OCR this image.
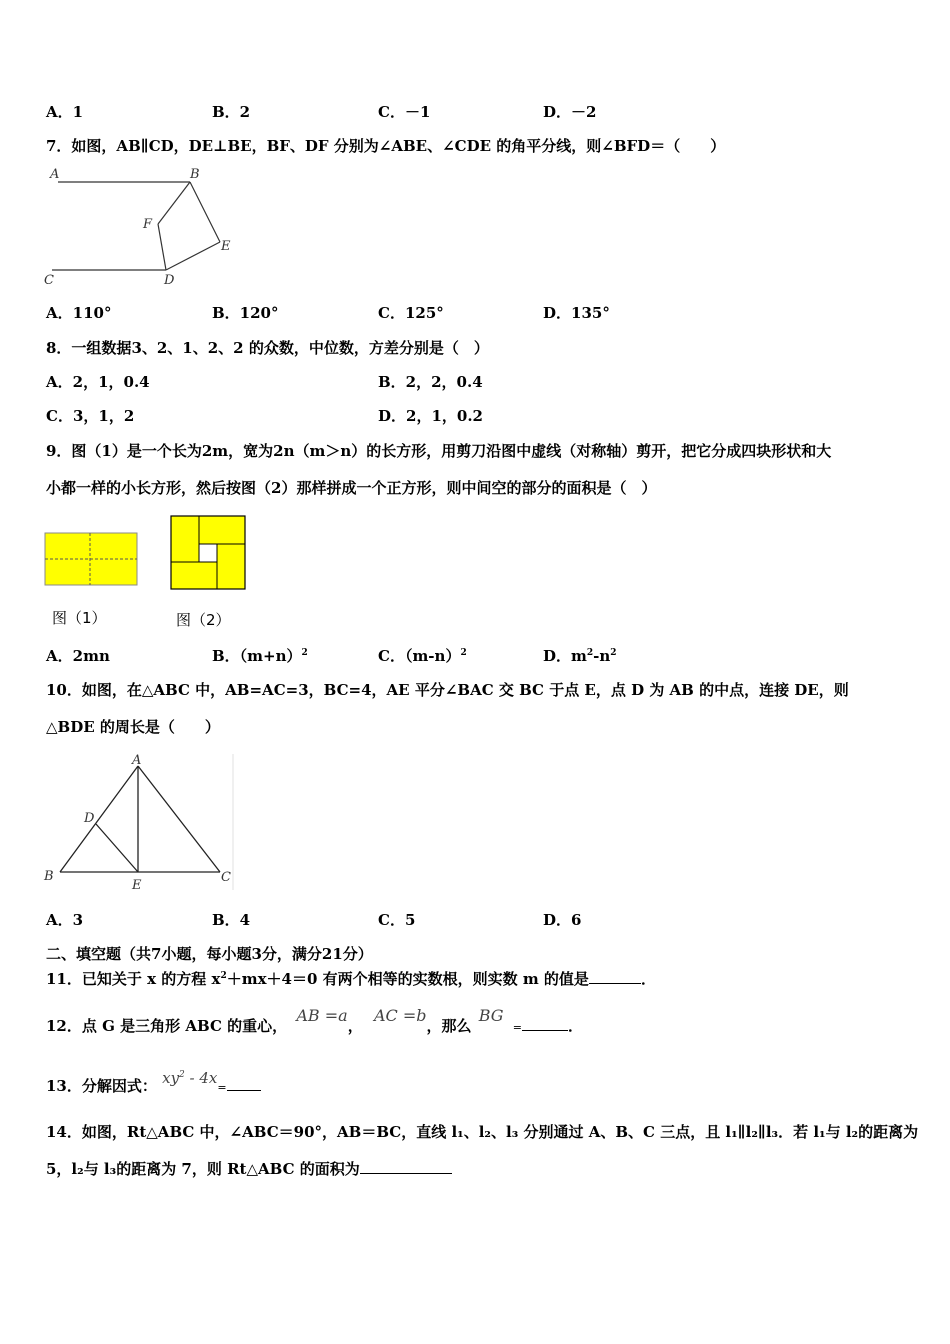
A．1	B．2	C．－1	D．－2
7．如图，AB∥CD，DE⊥BE，BF、DF 分别为∠ABE、∠CDE 的角平分线，则∠BFD＝（　　）
A	B
C	D
E
F
A．110°	B．120°	C．125°	D．135°
8．一组数据3、2、1、2、2 的众数，中位数，方差分别是（　）
A．2，1，0.4	B．2，2，0.4
C．3，1，2	D．2，1，0.2
9．图（1）是一个长为2m，宽为2n（m＞n）的长方形，用剪刀沿图中虚线（对称轴）剪开，把它分成四块形状和大
小都一样的小长方形，然后按图（2）那样拼成一个正方形，则中间空的部分的面积是（　）
图（1）	图（2）
A．2mn	B．$(m+n)^2$	C．$(m-n)^2$	D．$m^2-n^2$
10．如图，在△ABC 中，AB=AC=3，BC=4，AE 平分∠BAC 交 BC 于点 E，点 D 为 AB 的中点，连接 DE，则
△BDE 的周长是（　　）
A
B	C
D
E
A．3	B．4	C．5	D．6
二、填空题（共7小题，每小题3分，满分21分）
11．已知关于 x 的方程 $x^2+mx+4=0$ 有两个相等的实数根，则实数 m 的值是	．
12．点 G 是三角形 ABC 的重心， AB =a， AC =b，那么 BG =	．
13．分解因式： $xy^2 - 4x=$
14．如图，Rt△ABC 中，∠ABC＝90°，AB＝BC，直线 l₁、l₂、l₃ 分别通过 A、B、C 三点，且 l₁∥l₂∥l₃．若 l₁与 l₂的距离为
5，l₂与 l₃的距离为 7，则 Rt△ABC 的面积为
